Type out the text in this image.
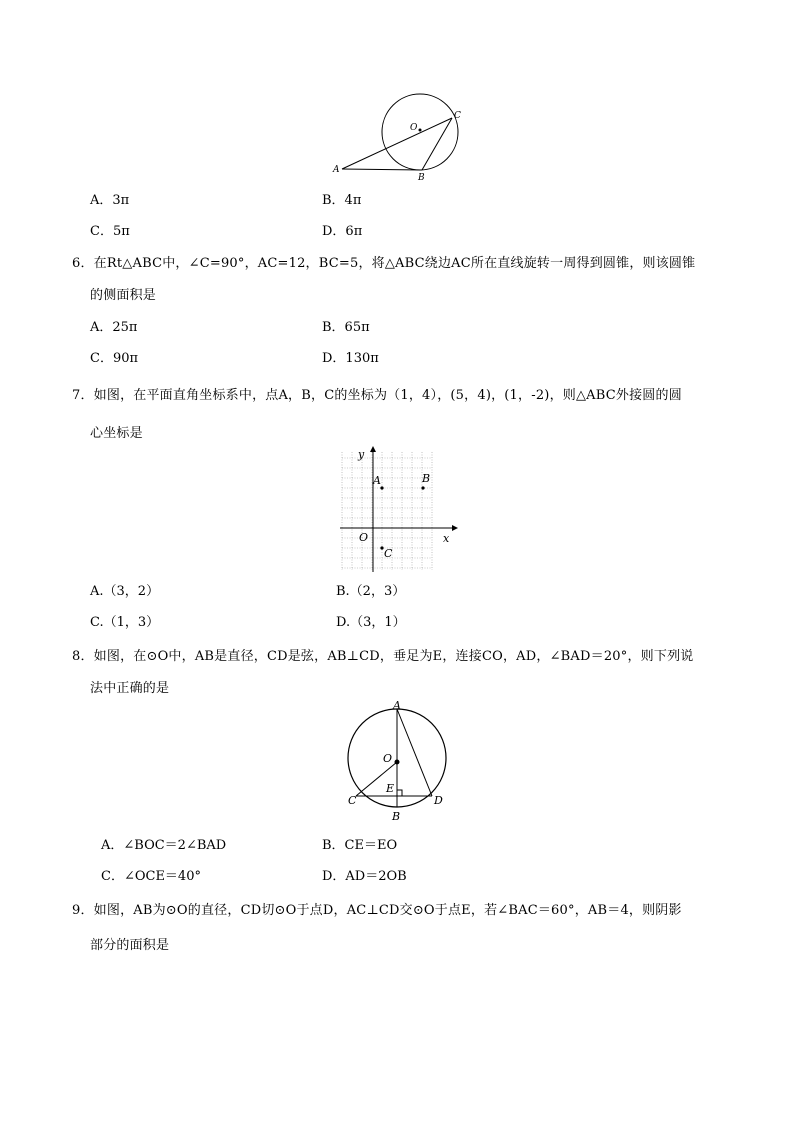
O
C
A
B
A．3π	B．4π
C．5π	D．6π
6．在Rt△ABC中，∠C=90°，AC=12，BC=5，将△ABC绕边AC所在直线旋转一周得到圆锥，则该圆锥
的侧面积是
A．25π	B．65π
C．90π	D．130π
7．如图，在平面直角坐标系中，点A，B，C的坐标为（1，4），(5，4)，(1，-2)，则△ABC外接圆的圆
心坐标是
y
x
O
A	B
C
A.（3，2）	B.（2，3）
C.（1，3）	D.（3，1）
8．如图，在⊙O中，AB是直径，CD是弦，AB⊥CD，垂足为E，连接CO，AD，∠BAD＝20°，则下列说
法中正确的是
A
O
E
C	D
B
A．∠BOC＝2∠BAD	B．CE＝EO
C．∠OCE＝40°	D．AD＝2OB
9．如图，AB为⊙O的直径，CD切⊙O于点D，AC⊥CD交⊙O于点E，若∠BAC＝60°，AB＝4，则阴影
部分的面积是
